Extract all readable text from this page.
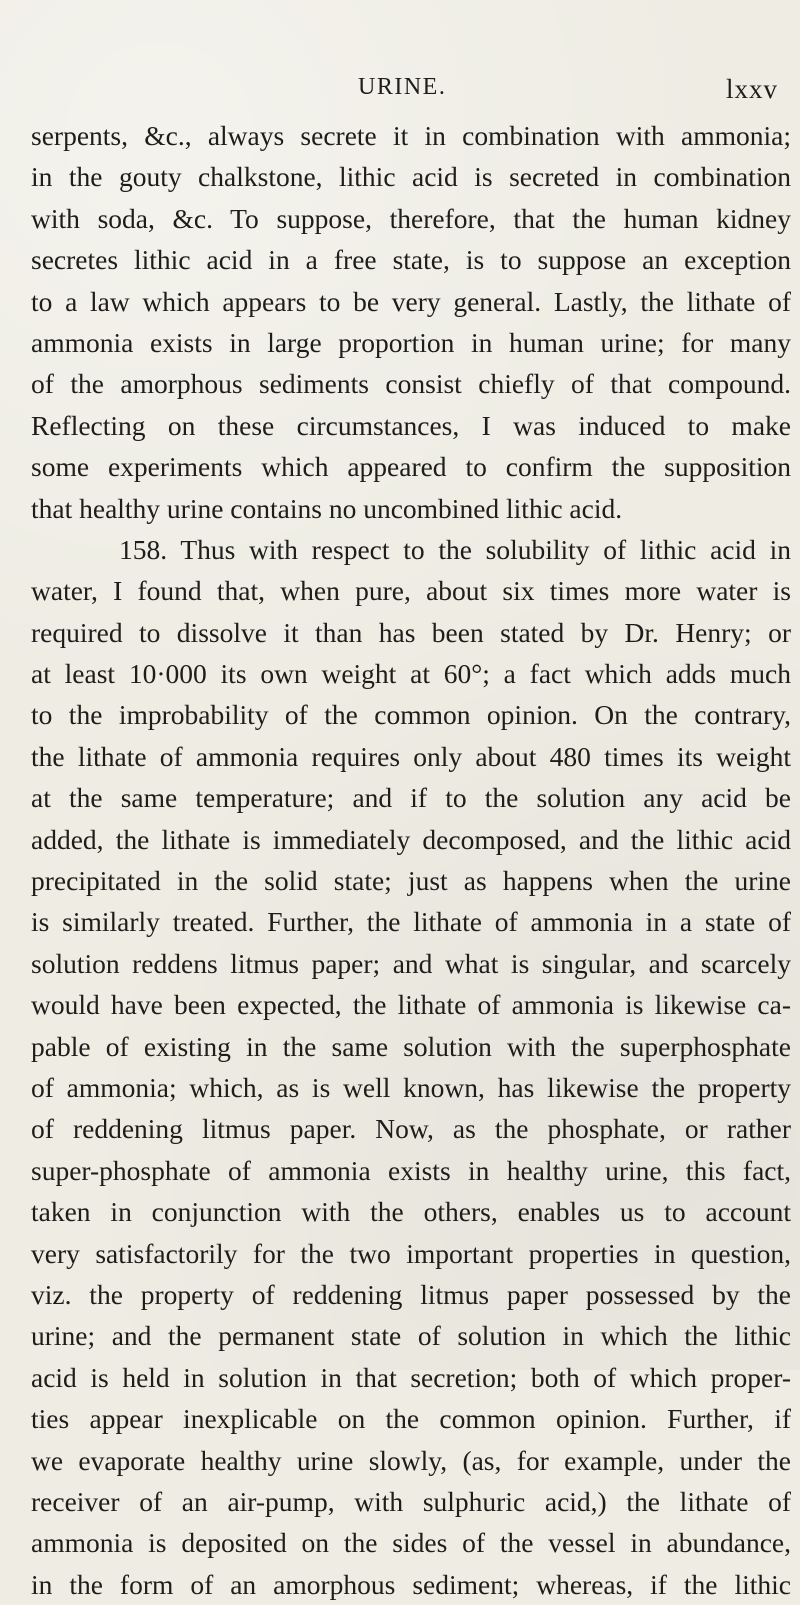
URINE.	lxxv
serpents, &c., always secrete it in combination with ammonia;
in the gouty chalkstone, lithic acid is secreted in combination
with soda, &c. To suppose, therefore, that the human kidney
secretes lithic acid in a free state, is to suppose an exception
to a law which appears to be very general. Lastly, the lithate of
ammonia exists in large proportion in human urine; for many
of the amorphous sediments consist chiefly of that compound.
Reflecting on these circumstances, I was induced to make
some experiments which appeared to confirm the supposition
that healthy urine contains no uncombined lithic acid.
158. Thus with respect to the solubility of lithic acid in
water, I found that, when pure, about six times more water is
required to dissolve it than has been stated by Dr. Henry; or
at least 10·000 its own weight at 60°; a fact which adds much
to the improbability of the common opinion. On the contrary,
the lithate of ammonia requires only about 480 times its weight
at the same temperature; and if to the solution any acid be
added, the lithate is immediately decomposed, and the lithic acid
precipitated in the solid state; just as happens when the urine
is similarly treated. Further, the lithate of ammonia in a state of
solution reddens litmus paper; and what is singular, and scarcely
would have been expected, the lithate of ammonia is likewise ca-
pable of existing in the same solution with the superphosphate
of ammonia; which, as is well known, has likewise the property
of reddening litmus paper. Now, as the phosphate, or rather
super-phosphate of ammonia exists in healthy urine, this fact,
taken in conjunction with the others, enables us to account
very satisfactorily for the two important properties in question,
viz. the property of reddening litmus paper possessed by the
urine; and the permanent state of solution in which the lithic
acid is held in solution in that secretion; both of which proper-
ties appear inexplicable on the common opinion. Further, if
we evaporate healthy urine slowly, (as, for example, under the
receiver of an air-pump, with sulphuric acid,) the lithate of
ammonia is deposited on the sides of the vessel in abundance,
in the form of an amorphous sediment; whereas, if the lithic
